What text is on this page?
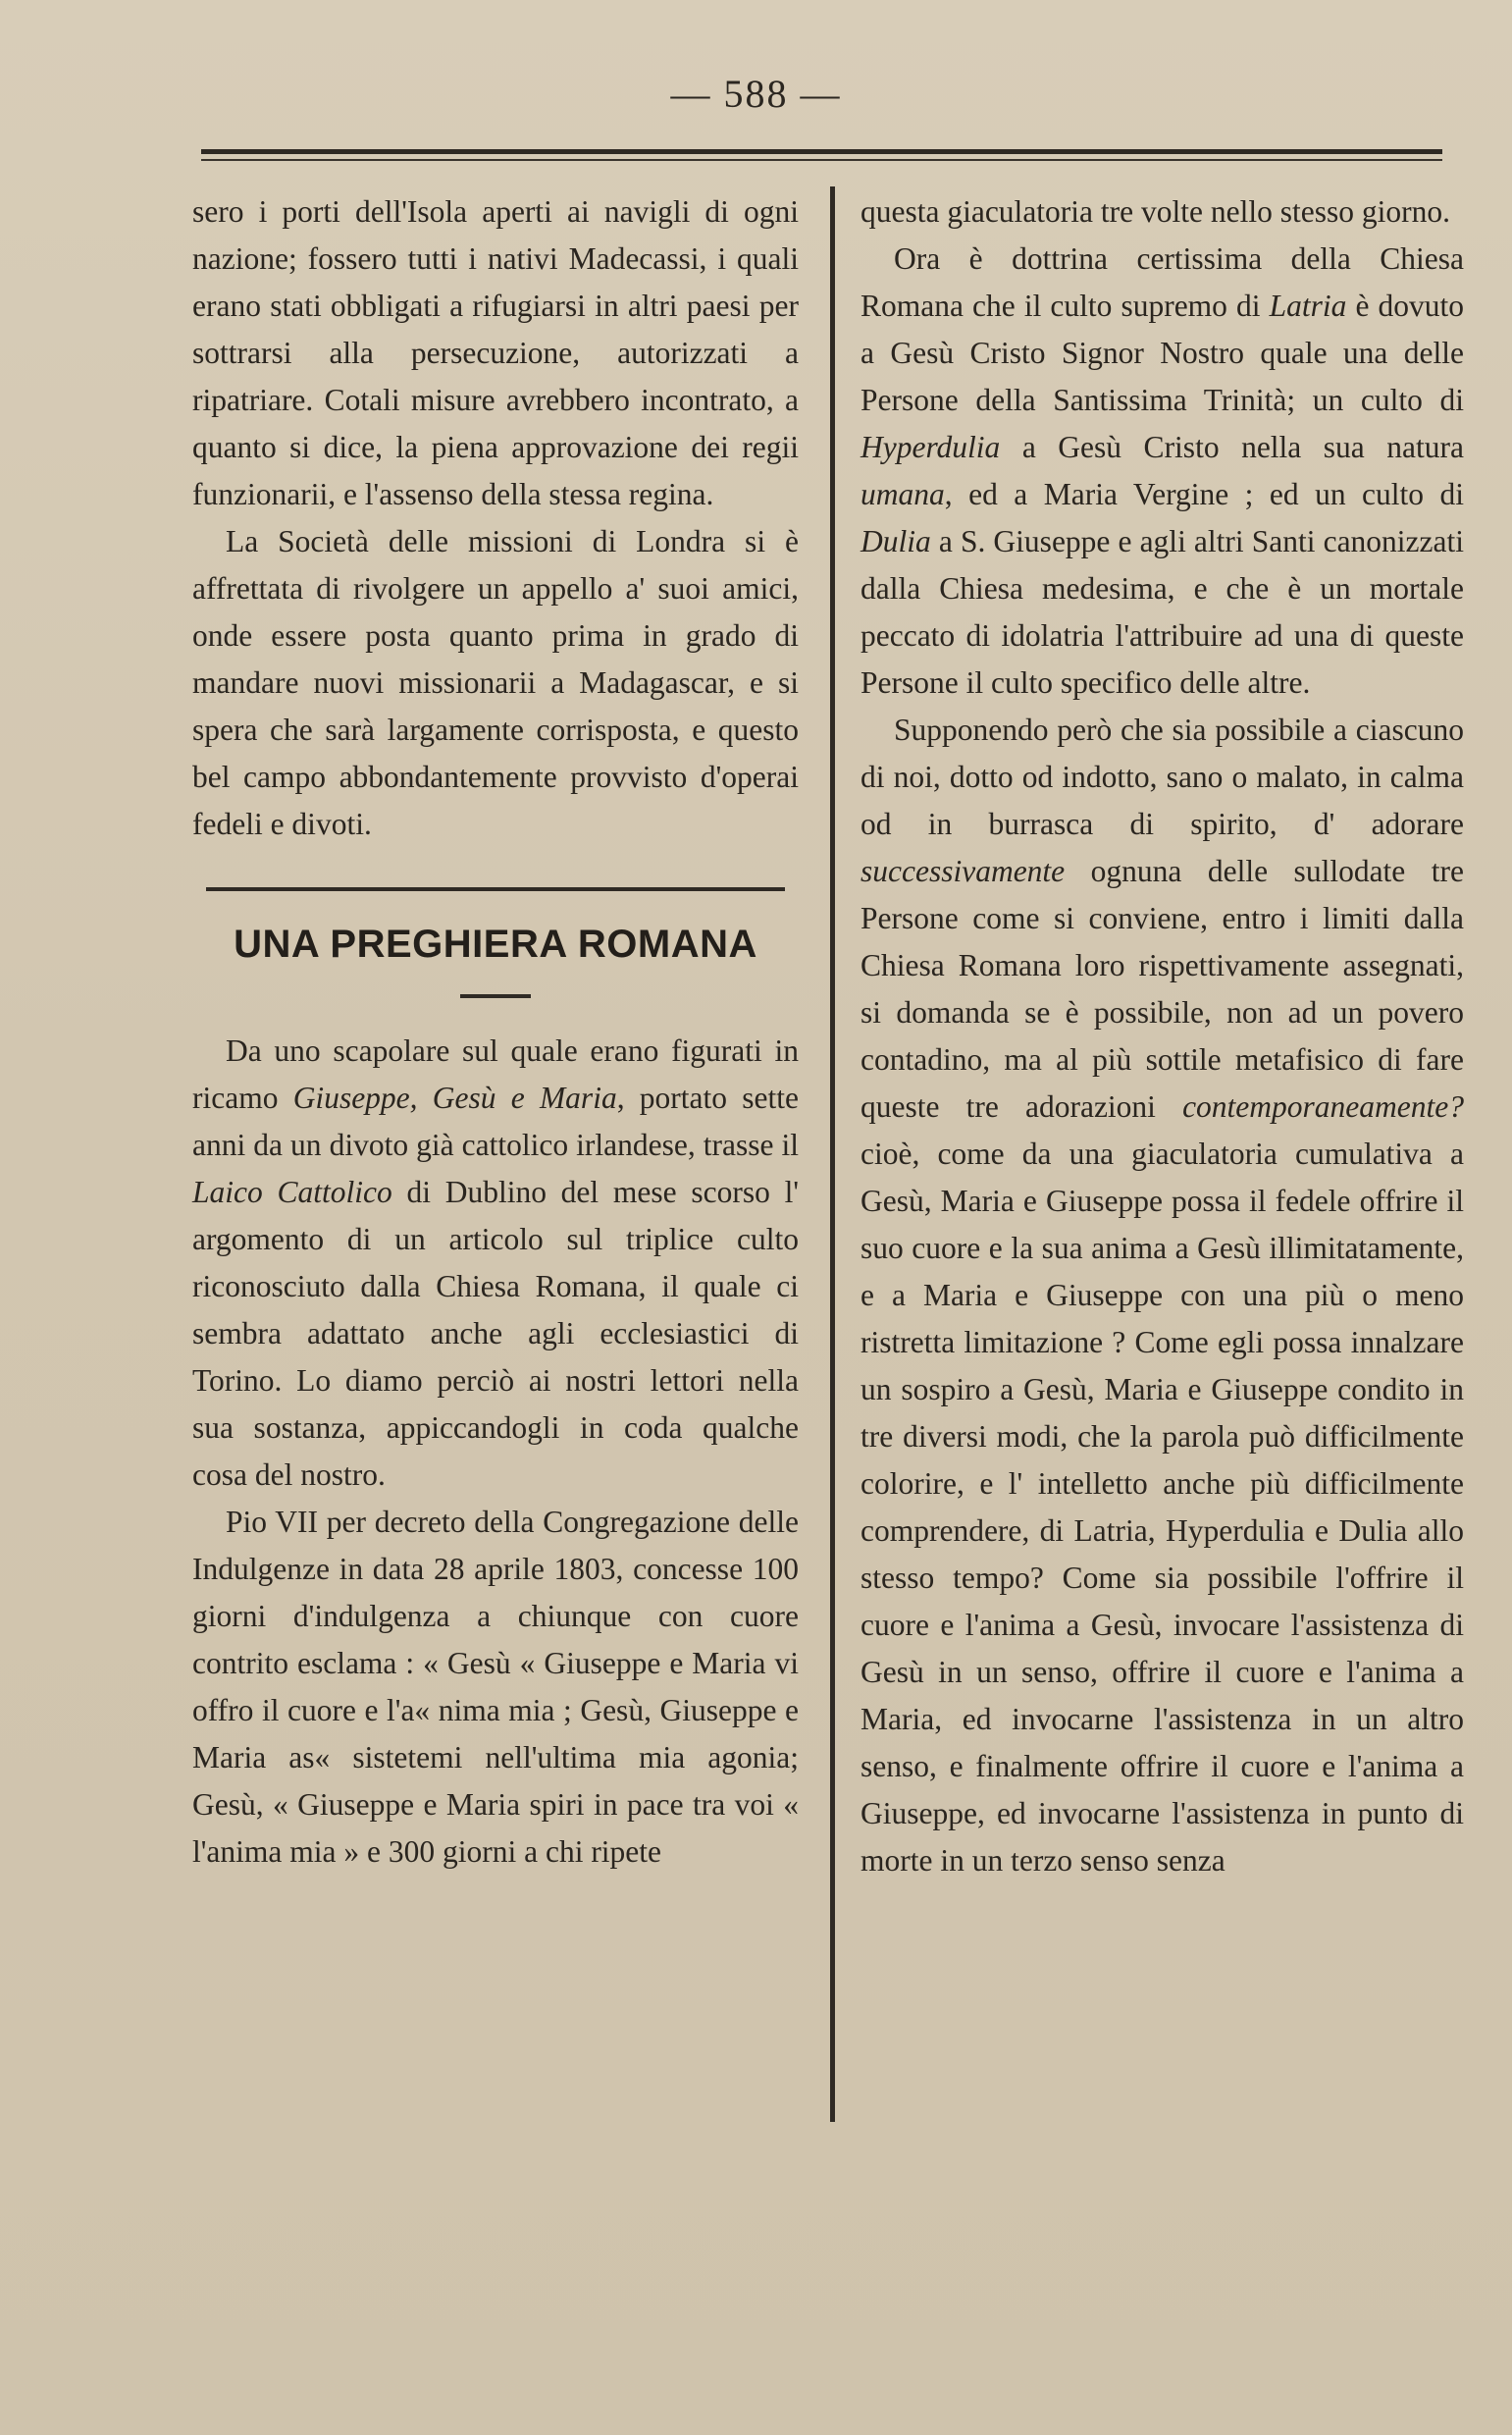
— 588 —

sero i porti dell'Isola aperti ai navigli di ogni nazione; fossero tutti i nativi Madecassi, i quali erano stati obbligati a rifugiarsi in altri paesi per sottrarsi alla persecuzione, autorizzati a ripatriare. Cotali misure avrebbero incontrato, a quanto si dice, la piena approvazione dei regii funzionarii, e l'assenso della stessa regina.

La Società delle missioni di Londra si è affrettata di rivolgere un appello a' suoi amici, onde essere posta quanto prima in grado di mandare nuovi missionarii a Madagascar, e si spera che sarà largamente corrisposta, e questo bel campo abbondantemente provvisto d'operai fedeli e divoti.

UNA PREGHIERA ROMANA

Da uno scapolare sul quale erano figurati in ricamo Giuseppe, Gesù e Maria, portato sette anni da un divoto già cattolico irlandese, trasse il Laico Cattolico di Dublino del mese scorso l' argomento di un articolo sul triplice culto riconosciuto dalla Chiesa Romana, il quale ci sembra adattato anche agli ecclesiastici di Torino. Lo diamo perciò ai nostri lettori nella sua sostanza, appiccandogli in coda qualche cosa del nostro.

Pio VII per decreto della Congregazione delle Indulgenze in data 28 aprile 1803, concesse 100 giorni d'indulgenza a chiunque con cuore contrito esclama : « Gesù « Giuseppe e Maria vi offro il cuore e l'a« nima mia ; Gesù, Giuseppe e Maria as« sistetemi nell'ultima mia agonia; Gesù, « Giuseppe e Maria spiri in pace tra voi « l'anima mia » e 300 giorni a chi ripete

questa giaculatoria tre volte nello stesso giorno.

Ora è dottrina certissima della Chiesa Romana che il culto supremo di Latria è dovuto a Gesù Cristo Signor Nostro quale una delle Persone della Santissima Trinità; un culto di Hyperdulia a Gesù Cristo nella sua natura umana, ed a Maria Vergine ; ed un culto di Dulia a S. Giuseppe e agli altri Santi canonizzati dalla Chiesa medesima, e che è un mortale peccato di idolatria l'attribuire ad una di queste Persone il culto specifico delle altre.

Supponendo però che sia possibile a ciascuno di noi, dotto od indotto, sano o malato, in calma od in burrasca di spirito, d' adorare successivamente ognuna delle sullodate tre Persone come si conviene, entro i limiti dalla Chiesa Romana loro rispettivamente assegnati, si domanda se è possibile, non ad un povero contadino, ma al più sottile metafisico di fare queste tre adorazioni contemporaneamente? cioè, come da una giaculatoria cumulativa a Gesù, Maria e Giuseppe possa il fedele offrire il suo cuore e la sua anima a Gesù illimitatamente, e a Maria e Giuseppe con una più o meno ristretta limitazione ? Come egli possa innalzare un sospiro a Gesù, Maria e Giuseppe condito in tre diversi modi, che la parola può difficilmente colorire, e l' intelletto anche più difficilmente comprendere, di Latria, Hyperdulia e Dulia allo stesso tempo? Come sia possibile l'offrire il cuore e l'anima a Gesù, invocare l'assistenza di Gesù in un senso, offrire il cuore e l'anima a Maria, ed invocarne l'assistenza in un altro senso, e finalmente offrire il cuore e l'anima a Giuseppe, ed invocarne l'assistenza in punto di morte in un terzo senso senza
